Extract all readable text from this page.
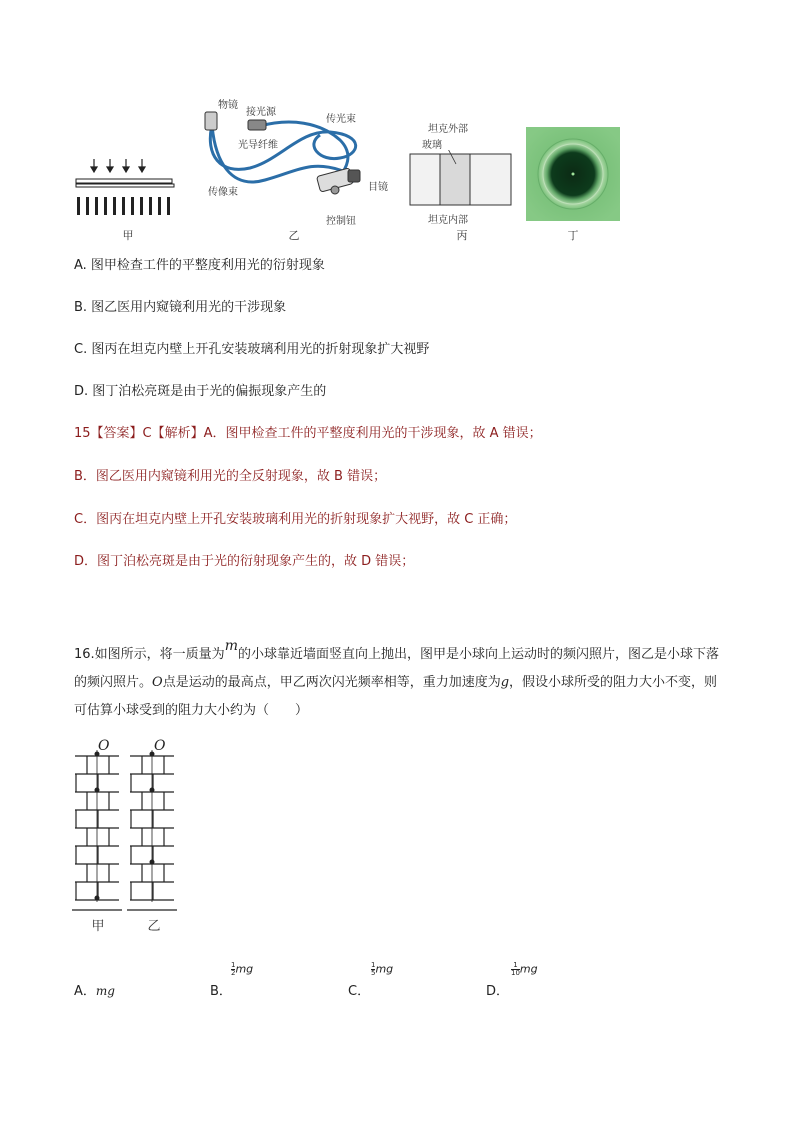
甲
物镜
接光源
传光束
光导纤维
传像束	目镜
控制钮
乙
坦克外部
玻璃
坦克内部
丙	丁
A. 图甲检查工件的平整度利用光的衍射现象
B. 图乙医用内窥镜利用光的干涉现象
C. 图丙在坦克内壁上开孔安装玻璃利用光的折射现象扩大视野
D. 图丁泊松亮斑是由于光的偏振现象产生的
15【答案】C【解析】A．图甲检查工件的平整度利用光的干涉现象，故 A 错误；
B．图乙医用内窥镜利用光的全反射现象，故 B 错误；
C．图丙在坦克内壁上开孔安装玻璃利用光的折射现象扩大视野，故 C 正确；
D．图丁泊松亮斑是由于光的衍射现象产生的，故 D 错误；
16.如图所示，将一质量为m的小球靠近墙面竖直向上抛出，图甲是小球向上运动时的频闪照片，图乙是小球下落的频闪照片。O点是运动的最高点，甲乙两次闪光频率相等，重力加速度为g，假设小球所受的阻力大小不变，则可估算小球受到的阻力大小约为（　　）
O	O
甲	乙
A．mg	B．
$\frac{1}{2}$ mg
C．
$\frac{1}{5}$ mg
D．
$\frac{1}{10}$ mg
